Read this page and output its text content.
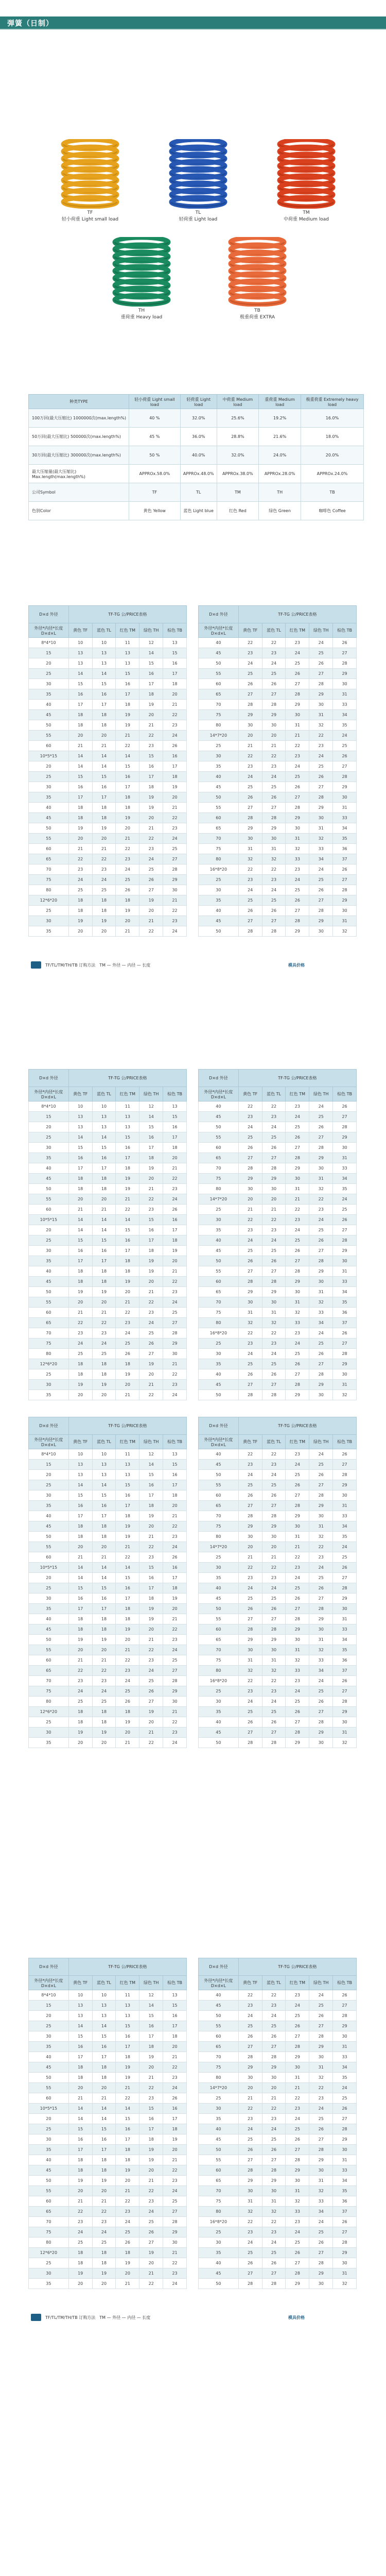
弹簧（日制）
TF
轻小荷重 Light small load
TL
轻荷重 Light load
TM
中荷重 Medium load
TH
重荷重 Heavy load
TB
极重荷重 EXTRA
种类TYPE	轻小荷重 Light small load	轻荷重 Light load	中荷重 Medium load	重荷重 Medium load	极重荷重 Extremely heavy load
100万回(最大压缩比) 1000000次(max.length%)	40 %	32.0%	25.6%	19.2%	16.0%
50万回(最大压缩比) 500000次(max.length%)	45 %	36.0%	28.8%	21.6%	18.0%
30万回(最大压缩比) 300000次(max.length%)	50 %	40.0%	32.0%	24.0%	20.0%
最大压缩量(最大压缩比) Max.length(max.length%)	APPROx.58.0%	APPROx.48.0%	APPROx.38.0%	APPROx.28.0%	APPROx.24.0%
公司Symbol	TF	TL	TM	TH	TB
色别Color	黄色 Yellow	蓝色 Light blue	红色 Red	绿色 Green	咖啡色 Coffee
D×d 外径	TF-TG 公/PRICE表格				
外径*内径*长度 D×d×L	黄色 TF	蓝色 TL	红色 TM	绿色 TH	棕色 TB
8*4*10	10	10	11	12	13
15	13	13	13	14	15
20	13	13	13	15	16
25	14	14	15	16	17
30	15	15	16	17	18
35	16	16	17	18	20
40	17	17	18	19	21
45	18	18	19	20	22
50	18	18	19	21	23
55	20	20	21	22	24
60	21	21	22	23	26
10*5*15	14	14	14	15	16
20	14	14	15	16	17
25	15	15	16	17	18
30	16	16	17	18	19
35	17	17	18	19	20
40	18	18	18	19	21
45	18	18	19	20	22
50	19	19	20	21	23
55	20	20	21	22	24
60	21	21	22	23	25
65	22	22	23	24	27
70	23	23	24	25	28
75	24	24	25	26	29
80	25	25	26	27	30
12*6*20	18	18	18	19	21
25	18	18	19	20	22
30	19	19	20	21	23
35	20	20	21	22	24
D×d 外径	TF-TG 公/PRICE表格				
外径*内径*长度 D×d×L	黄色 TF	蓝色 TL	红色 TM	绿色 TH	棕色 TB
40	22	22	23	24	26
45	23	23	24	25	27
50	24	24	25	26	28
55	25	25	26	27	29
60	26	26	27	28	30
65	27	27	28	29	31
70	28	28	29	30	33
75	29	29	30	31	34
80	30	30	31	32	35
14*7*20	20	20	21	22	24
25	21	21	22	23	25
30	22	22	23	24	26
35	23	23	24	25	27
40	24	24	25	26	28
45	25	25	26	27	29
50	26	26	27	28	30
55	27	27	28	29	31
60	28	28	29	30	33
65	29	29	30	31	34
70	30	30	31	32	35
75	31	31	32	33	36
80	32	32	33	34	37
16*8*20	22	22	23	24	26
25	23	23	24	25	27
30	24	24	25	26	28
35	25	25	26	27	29
40	26	26	27	28	30
45	27	27	28	29	31
50	28	28	29	30	32
TF/TL/TM/TH/TB 订购方法 TM — 外径 — 内径 — 长度	模具价格
D×d 外径	TF-TG 公/PRICE表格				
外径*内径*长度 D×d×L	黄色 TF	蓝色 TL	红色 TM	绿色 TH	棕色 TB
8*4*10	10	10	11	12	13
15	13	13	13	14	15
20	13	13	13	15	16
25	14	14	15	16	17
30	15	15	16	17	18
35	16	16	17	18	20
40	17	17	18	19	21
45	18	18	19	20	22
50	18	18	19	21	23
55	20	20	21	22	24
60	21	21	22	23	26
10*5*15	14	14	14	15	16
20	14	14	15	16	17
25	15	15	16	17	18
30	16	16	17	18	19
35	17	17	18	19	20
40	18	18	18	19	21
45	18	18	19	20	22
50	19	19	20	21	23
55	20	20	21	22	24
60	21	21	22	23	25
65	22	22	23	24	27
70	23	23	24	25	28
75	24	24	25	26	29
80	25	25	26	27	30
12*6*20	18	18	18	19	21
25	18	18	19	20	22
30	19	19	20	21	23
35	20	20	21	22	24
D×d 外径	TF-TG 公/PRICE表格				
外径*内径*长度 D×d×L	黄色 TF	蓝色 TL	红色 TM	绿色 TH	棕色 TB
40	22	22	23	24	26
45	23	23	24	25	27
50	24	24	25	26	28
55	25	25	26	27	29
60	26	26	27	28	30
65	27	27	28	29	31
70	28	28	29	30	33
75	29	29	30	31	34
80	30	30	31	32	35
14*7*20	20	20	21	22	24
25	21	21	22	23	25
30	22	22	23	24	26
35	23	23	24	25	27
40	24	24	25	26	28
45	25	25	26	27	29
50	26	26	27	28	30
55	27	27	28	29	31
60	28	28	29	30	33
65	29	29	30	31	34
70	30	30	31	32	35
75	31	31	32	33	36
80	32	32	33	34	37
16*8*20	22	22	23	24	26
25	23	23	24	25	27
30	24	24	25	26	28
35	25	25	26	27	29
40	26	26	27	28	30
45	27	27	28	29	31
50	28	28	29	30	32
D×d 外径	TF-TG 公/PRICE表格				
外径*内径*长度 D×d×L	黄色 TF	蓝色 TL	红色 TM	绿色 TH	棕色 TB
8*4*10	10	10	11	12	13
15	13	13	13	14	15
20	13	13	13	15	16
25	14	14	15	16	17
30	15	15	16	17	18
35	16	16	17	18	20
40	17	17	18	19	21
45	18	18	19	20	22
50	18	18	19	21	23
55	20	20	21	22	24
60	21	21	22	23	26
10*5*15	14	14	14	15	16
20	14	14	15	16	17
25	15	15	16	17	18
30	16	16	17	18	19
35	17	17	18	19	20
40	18	18	18	19	21
45	18	18	19	20	22
50	19	19	20	21	23
55	20	20	21	22	24
60	21	21	22	23	25
65	22	22	23	24	27
70	23	23	24	25	28
75	24	24	25	26	29
80	25	25	26	27	30
12*6*20	18	18	18	19	21
25	18	18	19	20	22
30	19	19	20	21	23
35	20	20	21	22	24
D×d 外径	TF-TG 公/PRICE表格				
外径*内径*长度 D×d×L	黄色 TF	蓝色 TL	红色 TM	绿色 TH	棕色 TB
40	22	22	23	24	26
45	23	23	24	25	27
50	24	24	25	26	28
55	25	25	26	27	29
60	26	26	27	28	30
65	27	27	28	29	31
70	28	28	29	30	33
75	29	29	30	31	34
80	30	30	31	32	35
14*7*20	20	20	21	22	24
25	21	21	22	23	25
30	22	22	23	24	26
35	23	23	24	25	27
40	24	24	25	26	28
45	25	25	26	27	29
50	26	26	27	28	30
55	27	27	28	29	31
60	28	28	29	30	33
65	29	29	30	31	34
70	30	30	31	32	35
75	31	31	32	33	36
80	32	32	33	34	37
16*8*20	22	22	23	24	26
25	23	23	24	25	27
30	24	24	25	26	28
35	25	25	26	27	29
40	26	26	27	28	30
45	27	27	28	29	31
50	28	28	29	30	32
D×d 外径	TF-TG 公/PRICE表格				
外径*内径*长度 D×d×L	黄色 TF	蓝色 TL	红色 TM	绿色 TH	棕色 TB
8*4*10	10	10	11	12	13
15	13	13	13	14	15
20	13	13	13	15	16
25	14	14	15	16	17
30	15	15	16	17	18
35	16	16	17	18	20
40	17	17	18	19	21
45	18	18	19	20	22
50	18	18	19	21	23
55	20	20	21	22	24
60	21	21	22	23	26
10*5*15	14	14	14	15	16
20	14	14	15	16	17
25	15	15	16	17	18
30	16	16	17	18	19
35	17	17	18	19	20
40	18	18	18	19	21
45	18	18	19	20	22
50	19	19	20	21	23
55	20	20	21	22	24
60	21	21	22	23	25
65	22	22	23	24	27
70	23	23	24	25	28
75	24	24	25	26	29
80	25	25	26	27	30
12*6*20	18	18	18	19	21
25	18	18	19	20	22
30	19	19	20	21	23
35	20	20	21	22	24
D×d 外径	TF-TG 公/PRICE表格				
外径*内径*长度 D×d×L	黄色 TF	蓝色 TL	红色 TM	绿色 TH	棕色 TB
40	22	22	23	24	26
45	23	23	24	25	27
50	24	24	25	26	28
55	25	25	26	27	29
60	26	26	27	28	30
65	27	27	28	29	31
70	28	28	29	30	33
75	29	29	30	31	34
80	30	30	31	32	35
14*7*20	20	20	21	22	24
25	21	21	22	23	25
30	22	22	23	24	26
35	23	23	24	25	27
40	24	24	25	26	28
45	25	25	26	27	29
50	26	26	27	28	30
55	27	27	28	29	31
60	28	28	29	30	33
65	29	29	30	31	34
70	30	30	31	32	35
75	31	31	32	33	36
80	32	32	33	34	37
16*8*20	22	22	23	24	26
25	23	23	24	25	27
30	24	24	25	26	28
35	25	25	26	27	29
40	26	26	27	28	30
45	27	27	28	29	31
50	28	28	29	30	32
TF/TL/TM/TH/TB 订购方法 TM — 外径 — 内径 — 长度	模具价格
